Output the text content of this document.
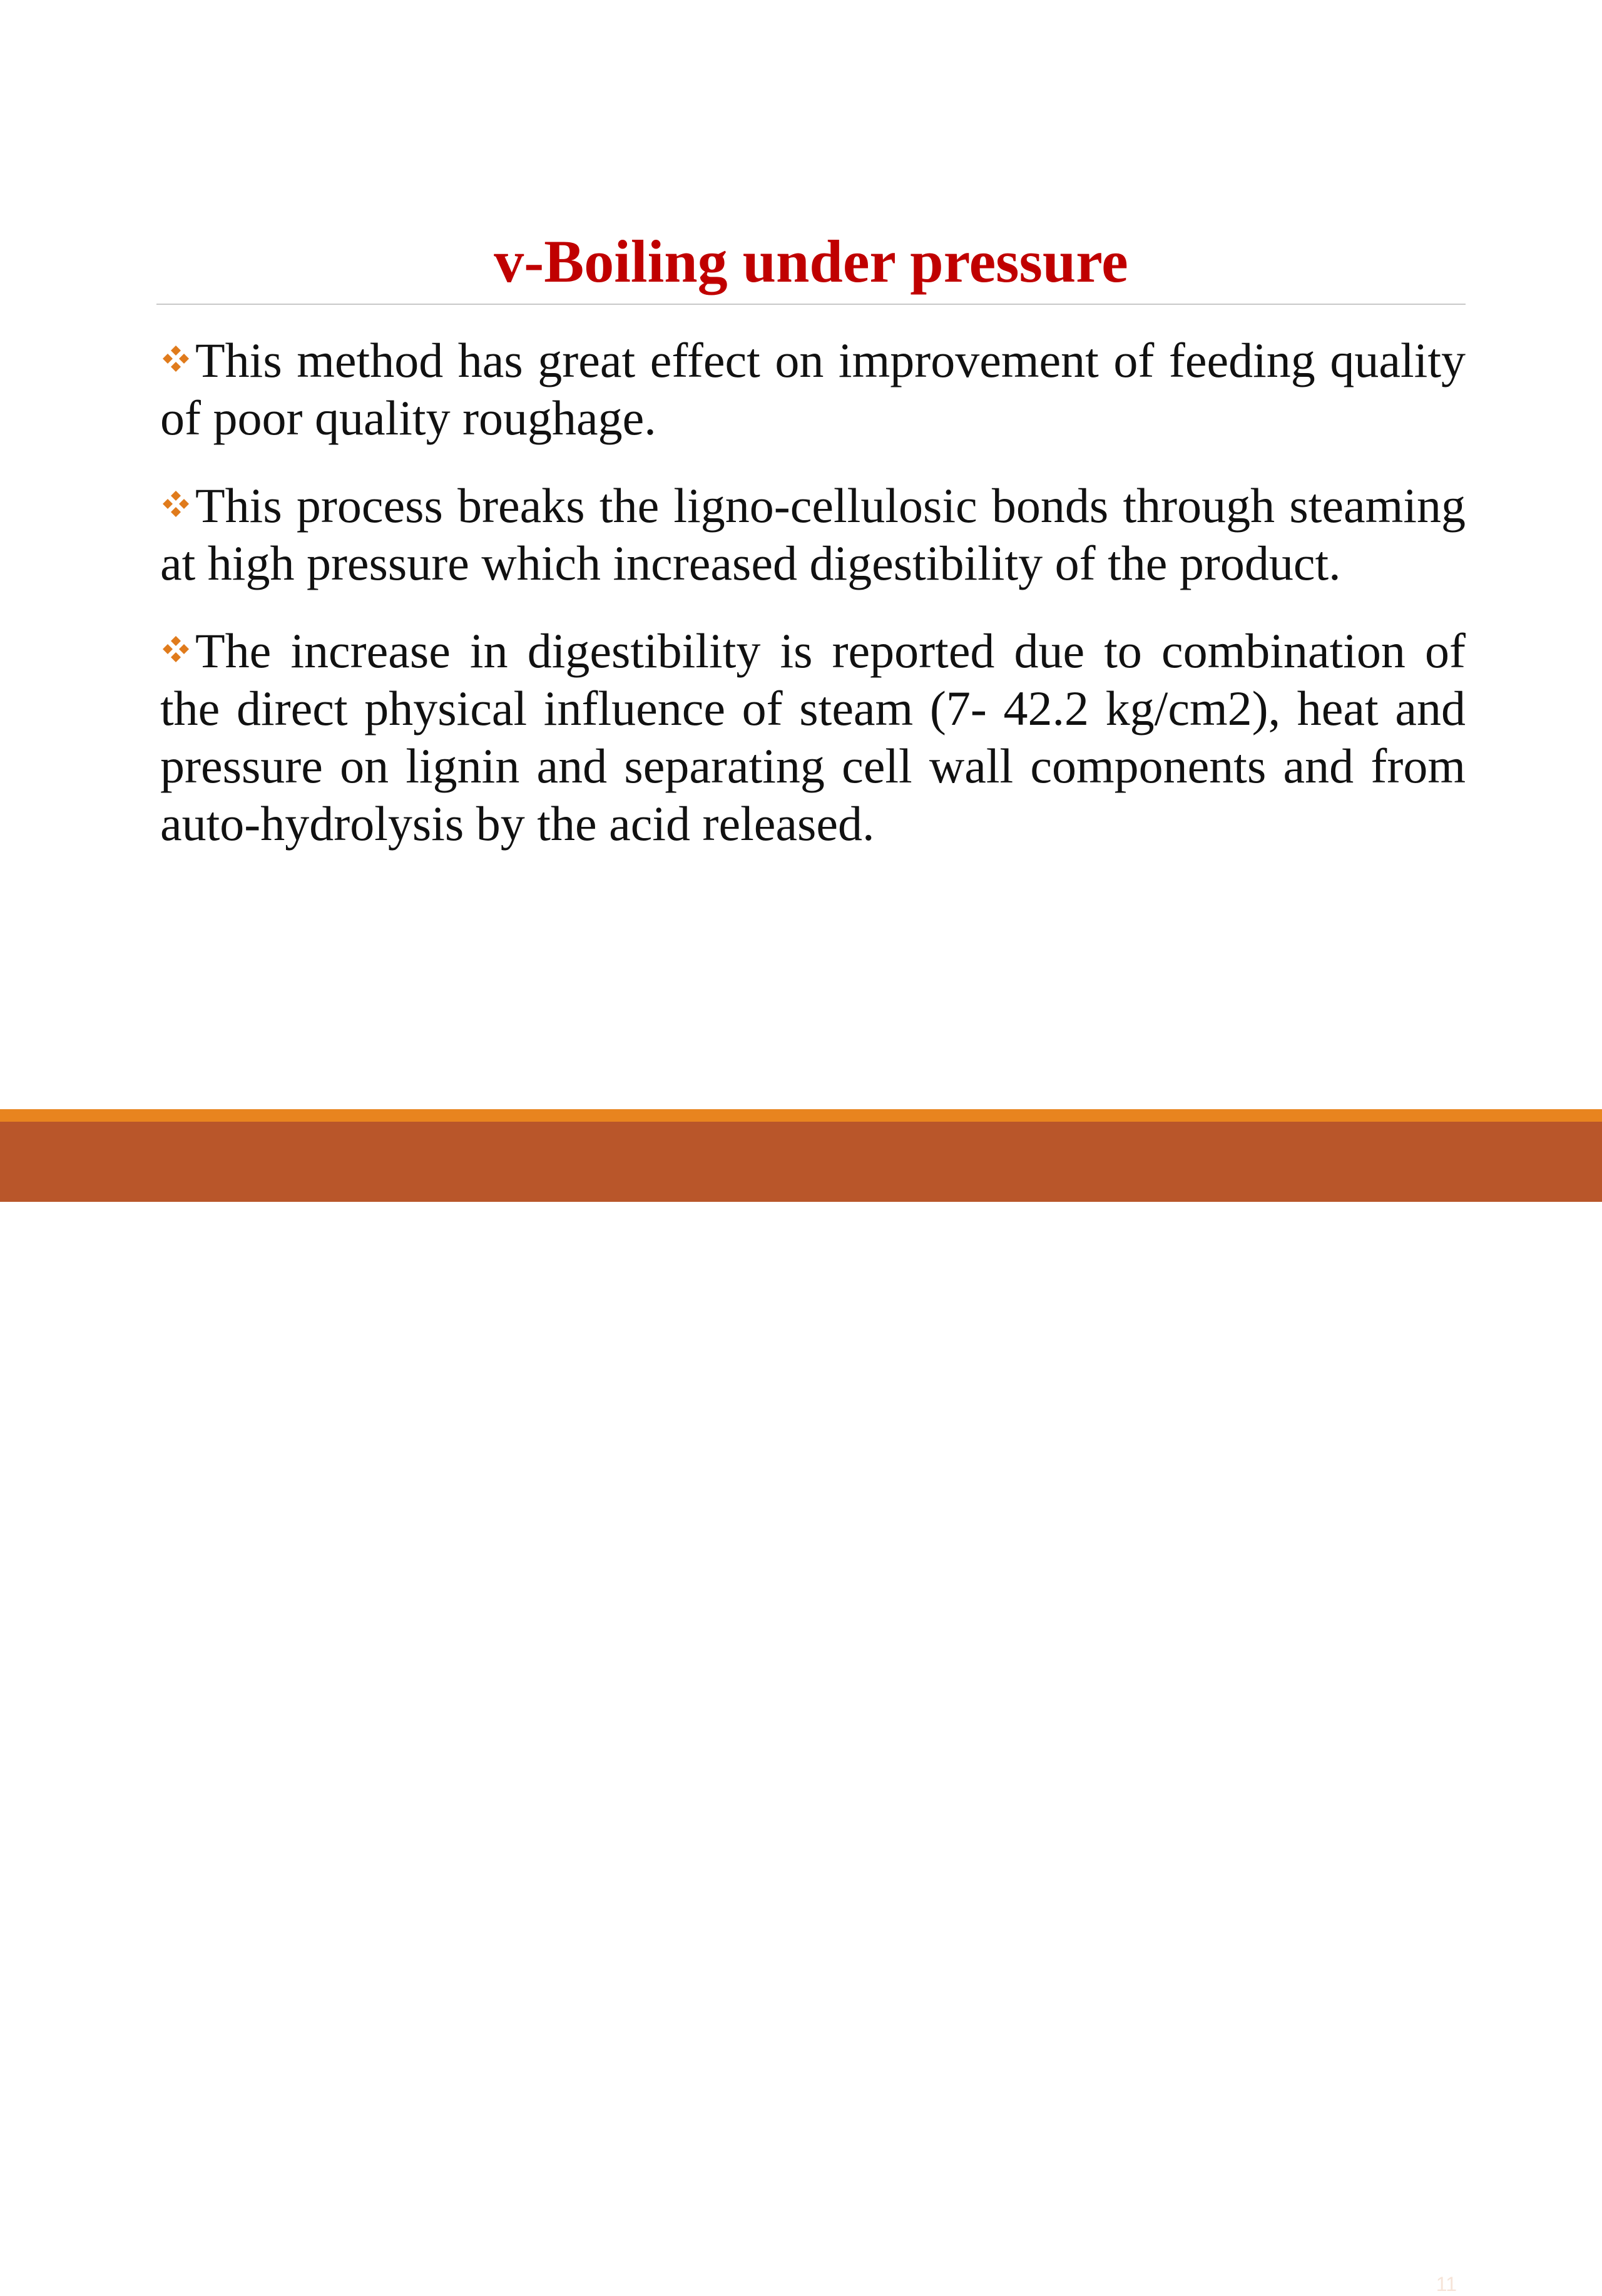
v-Boiling under pressure

This method has great effect on improvement of feeding quality of poor quality roughage.

This process breaks the ligno-cellulosic bonds through steaming at high pressure which increased digestibility of the product.

The increase in digestibility is reported due to combination of the direct physical influence of steam (7- 42.2 kg/cm2), heat and pressure on lignin and separating cell wall components and from auto-hydrolysis by the acid released.

11
